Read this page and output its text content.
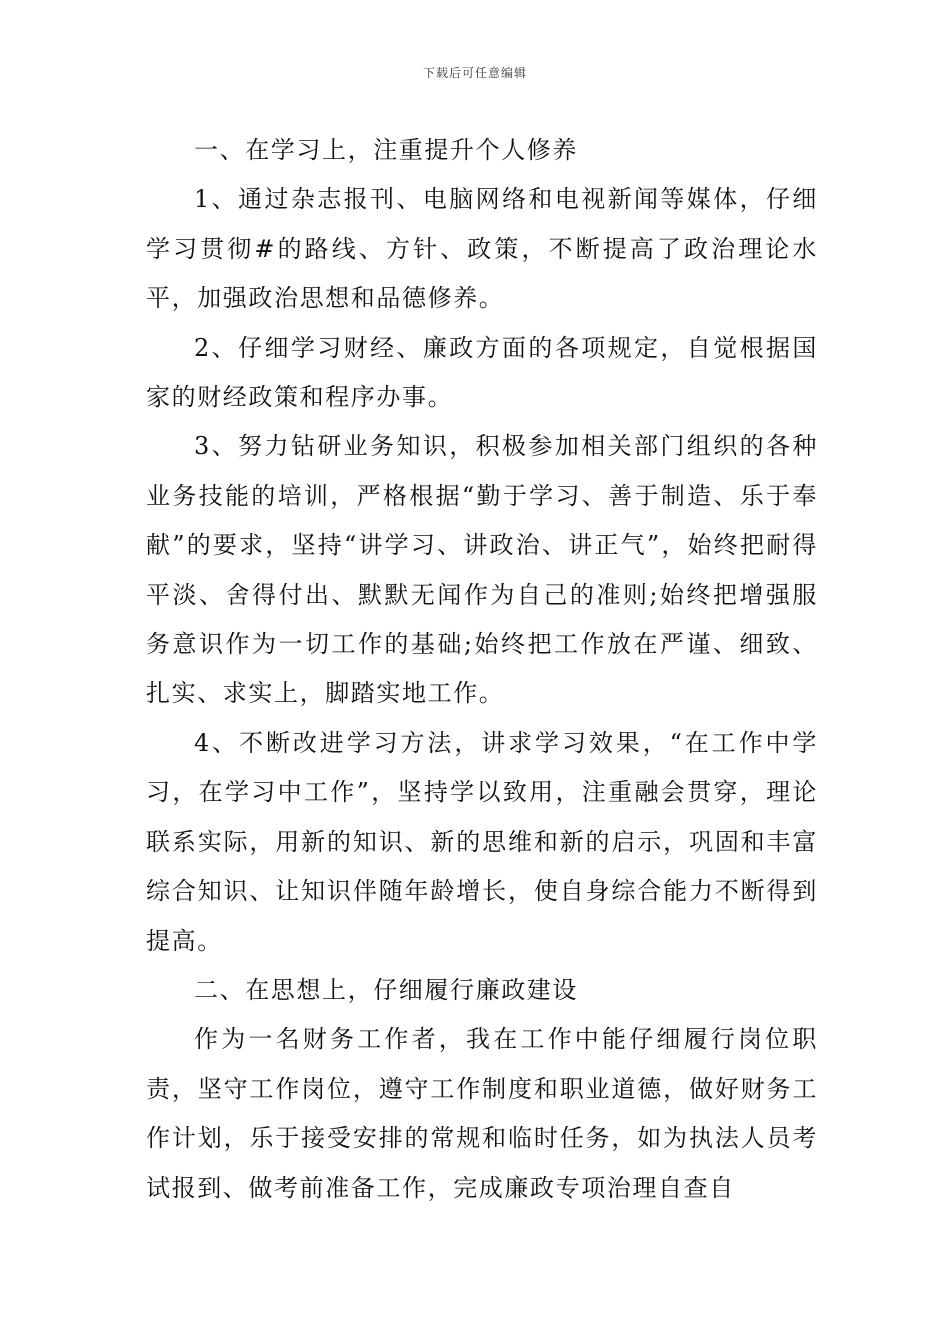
下载后可任意编辑

一、在学习上，注重提升个人修养

1、通过杂志报刊、电脑网络和电视新闻等媒体，仔细学习贯彻#的路线、方针、政策，不断提高了政治理论水平，加强政治思想和品德修养。

2、仔细学习财经、廉政方面的各项规定，自觉根据国家的财经政策和程序办事。

3、努力钻研业务知识，积极参加相关部门组织的各种业务技能的培训，严格根据“勤于学习、善于制造、乐于奉献”的要求，坚持“讲学习、讲政治、讲正气”，始终把耐得平淡、舍得付出、默默无闻作为自己的准则;始终把增强服务意识作为一切工作的基础;始终把工作放在严谨、细致、扎实、求实上，脚踏实地工作。

4、不断改进学习方法，讲求学习效果，“在工作中学习，在学习中工作”，坚持学以致用，注重融会贯穿，理论联系实际，用新的知识、新的思维和新的启示，巩固和丰富综合知识、让知识伴随年龄增长，使自身综合能力不断得到提高。

二、在思想上，仔细履行廉政建设

作为一名财务工作者，我在工作中能仔细履行岗位职责，坚守工作岗位，遵守工作制度和职业道德，做好财务工作计划，乐于接受安排的常规和临时任务，如为执法人员考试报到、做考前准备工作，完成廉政专项治理自查自
